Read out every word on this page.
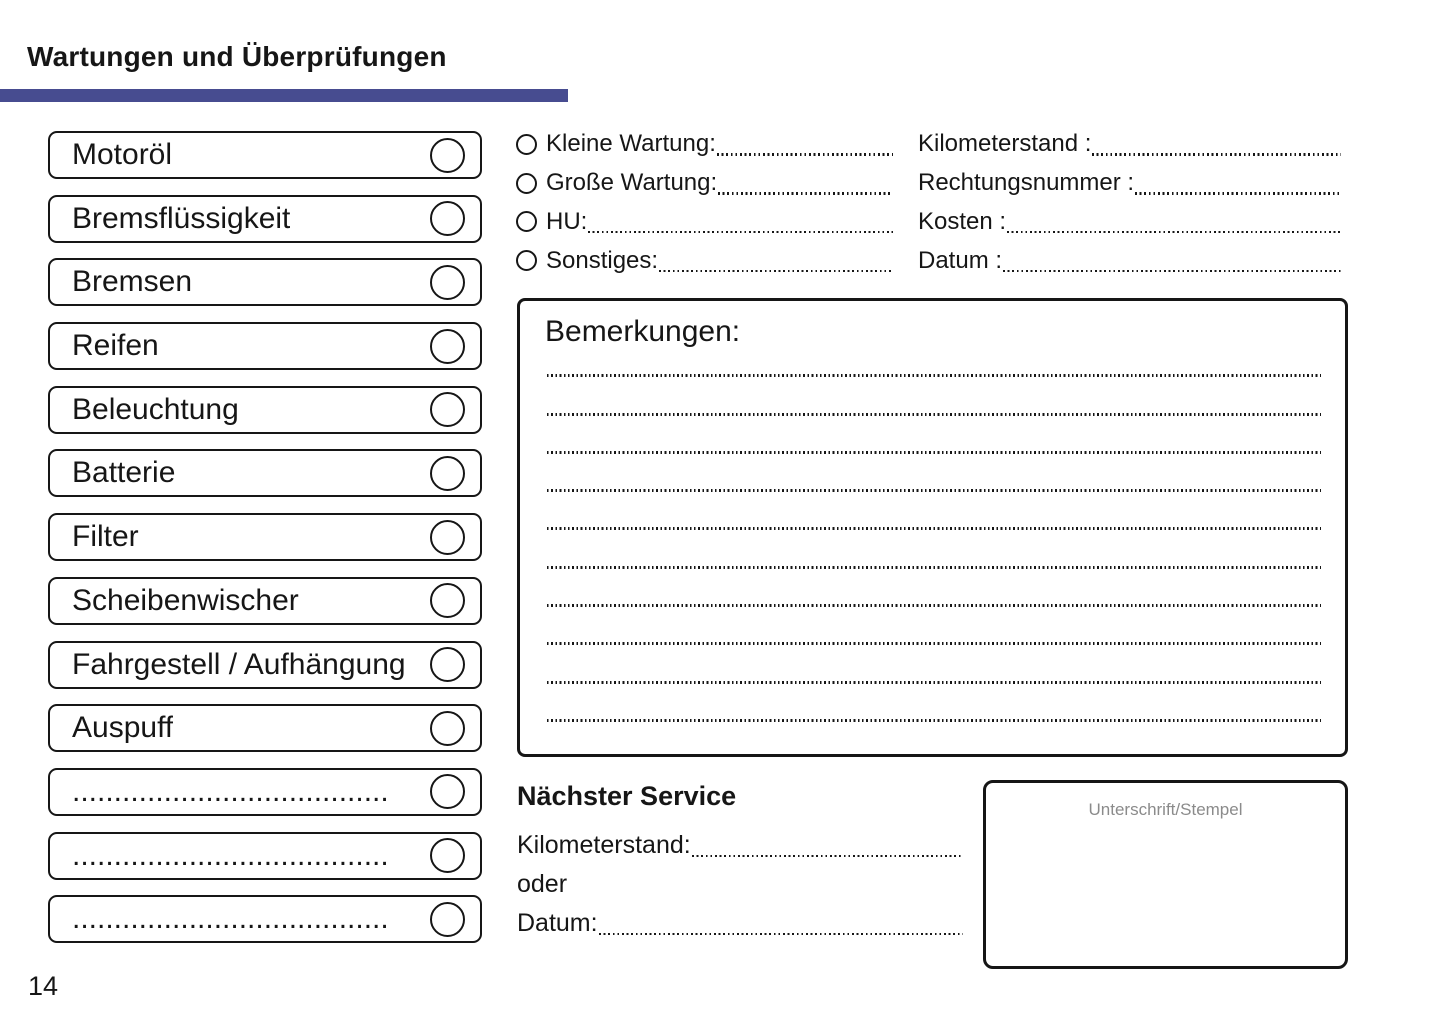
Wartungen und Überprüfungen
Motoröl
Bremsflüssigkeit
Bremsen
Reifen
Beleuchtung
Batterie
Filter
Scheibenwischer
Fahrgestell / Aufhängung
Auspuff
......................................
......................................
......................................
Kleine Wartung:
Große Wartung:
HU:
Sonstiges:
Kilometerstand :
Rechtungsnummer :
Kosten :
Datum :
Bemerkungen:
Nächster Service
Kilometerstand:
oder
Datum:
Unterschrift/Stempel
14
